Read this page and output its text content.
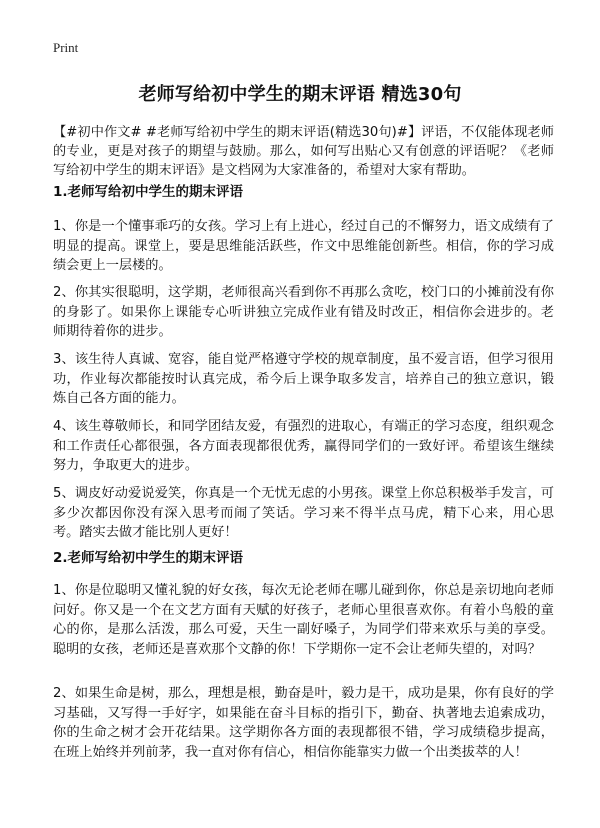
Print
老师写给初中学生的期末评语 精选30句

【#初中作文# #老师写给初中学生的期末评语(精选30句)#】评语，不仅能体现老师的专业，更是对孩子的期望与鼓励。那么，如何写出贴心又有创意的评语呢？《老师写给初中学生的期末评语》是文档网为大家准备的，希望对大家有帮助。

1.老师写给初中学生的期末评语

1、你是一个懂事乖巧的女孩。学习上有上进心，经过自己的不懈努力，语文成绩有了明显的提高。课堂上，要是思维能活跃些，作文中思维能创新些。相信，你的学习成绩会更上一层楼的。

2、你其实很聪明，这学期，老师很高兴看到你不再那么贪吃，校门口的小摊前没有你的身影了。如果你上课能专心听讲独立完成作业有错及时改正，相信你会进步的。老师期待着你的进步。

3、该生待人真诚、宽容，能自觉严格遵守学校的规章制度，虽不爱言语，但学习很用功，作业每次都能按时认真完成，希今后上课争取多发言，培养自己的独立意识，锻炼自己各方面的能力。

4、该生尊敬师长，和同学团结友爱，有强烈的进取心，有端正的学习态度，组织观念和工作责任心都很强，各方面表现都很优秀，赢得同学们的一致好评。希望该生继续努力，争取更大的进步。

5、调皮好动爱说爱笑，你真是一个无忧无虑的小男孩。课堂上你总积极举手发言，可多少次都因你没有深入思考而闹了笑话。学习来不得半点马虎，精下心来，用心思考。踏实去做才能比别人更好！

2.老师写给初中学生的期末评语

1、你是位聪明又懂礼貌的好女孩，每次无论老师在哪儿碰到你，你总是亲切地向老师问好。你又是一个在文艺方面有天赋的好孩子，老师心里很喜欢你。有着小鸟般的童心的你，是那么活泼，那么可爱，天生一副好嗓子，为同学们带来欢乐与美的享受。聪明的女孩，老师还是喜欢那个文静的你！下学期你一定不会让老师失望的，对吗？

2、如果生命是树，那么，理想是根，勤奋是叶，毅力是干，成功是果，你有良好的学习基础，又写得一手好字，如果能在奋斗目标的指引下，勤奋、执著地去追索成功，你的生命之树才会开花结果。这学期你各方面的表现都很不错，学习成绩稳步提高，在班上始终并列前茅，我一直对你有信心，相信你能靠实力做一个出类拔萃的人！
